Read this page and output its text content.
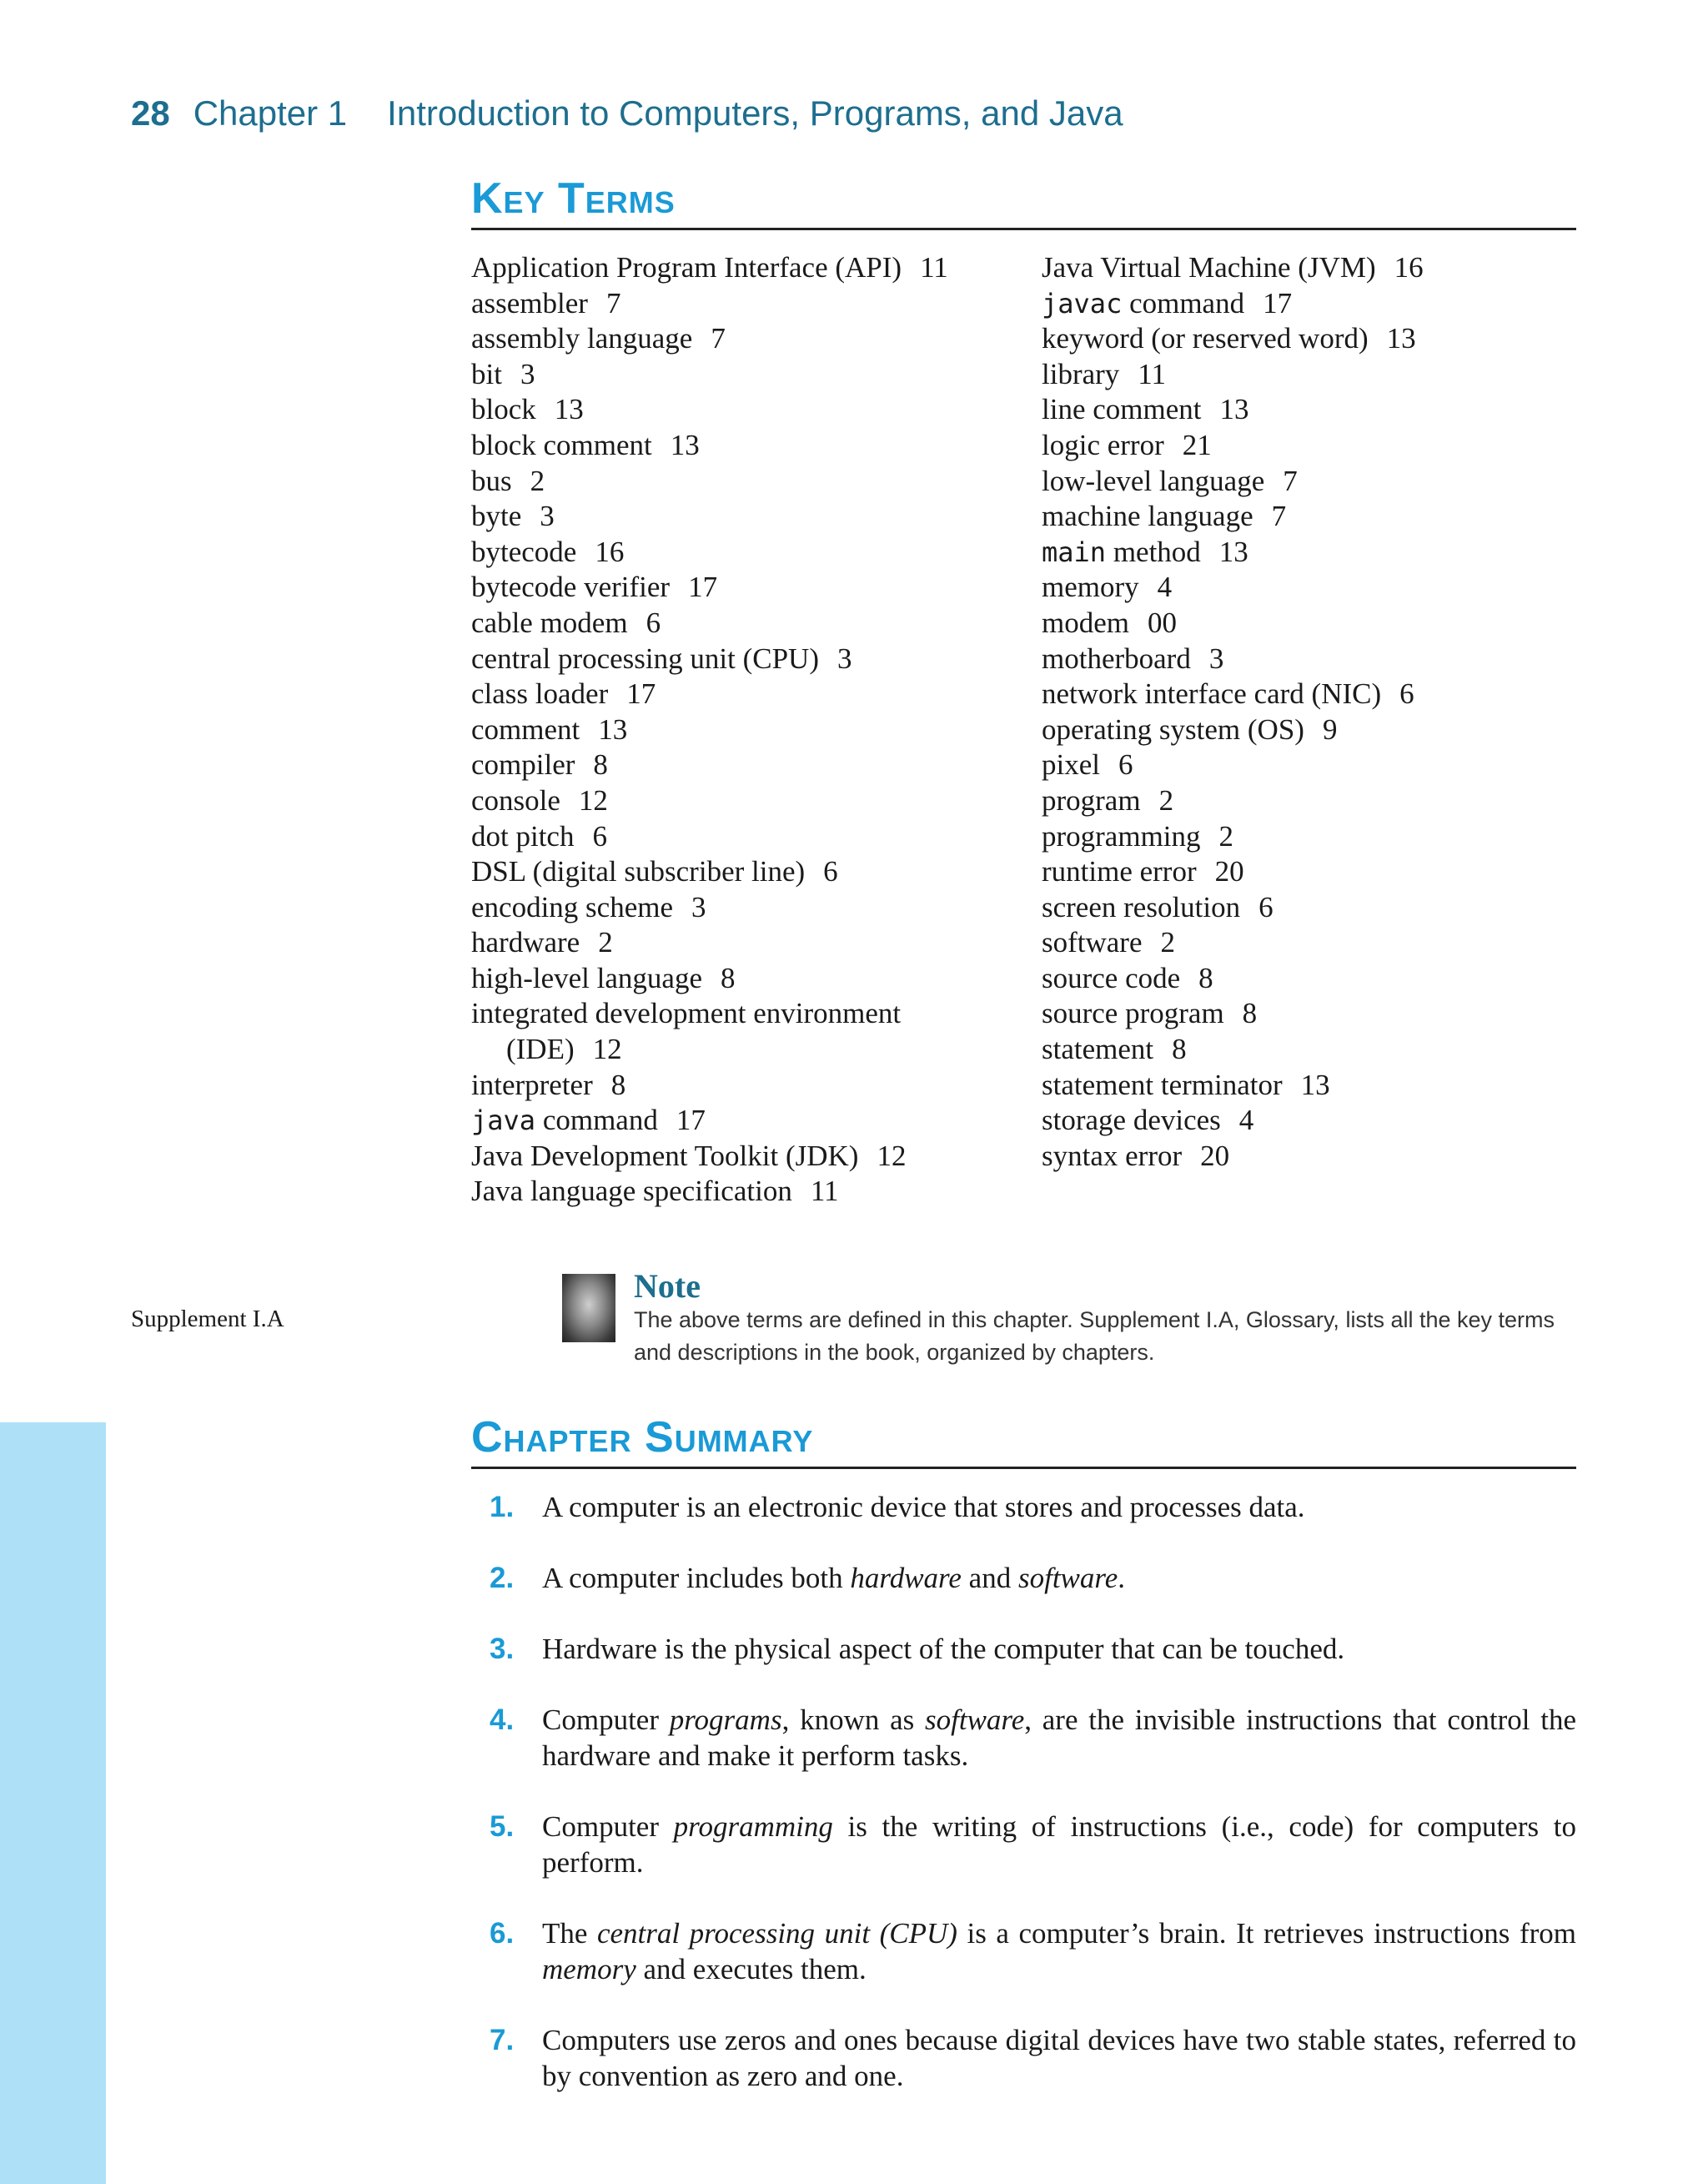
28 Chapter 1 Introduction to Computers, Programs, and Java
Key Terms
Application Program Interface (API) 11
assembler 7
assembly language 7
bit 3
block 13
block comment 13
bus 2
byte 3
bytecode 16
bytecode verifier 17
cable modem 6
central processing unit (CPU) 3
class loader 17
comment 13
compiler 8
console 12
dot pitch 6
DSL (digital subscriber line) 6
encoding scheme 3
hardware 2
high-level language 8
integrated development environment
(IDE) 12
interpreter 8
java command 17
Java Development Toolkit (JDK) 12
Java language specification 11
Java Virtual Machine (JVM) 16
javac command 17
keyword (or reserved word) 13
library 11
line comment 13
logic error 21
low-level language 7
machine language 7
main method 13
memory 4
modem 00
motherboard 3
network interface card (NIC) 6
operating system (OS) 9
pixel 6
program 2
programming 2
runtime error 20
screen resolution 6
software 2
source code 8
source program 8
statement 8
statement terminator 13
storage devices 4
syntax error 20
Supplement I.A
Note
The above terms are defined in this chapter. Supplement I.A, Glossary, lists all the key terms and descriptions in the book, organized by chapters.
Chapter Summary
1. A computer is an electronic device that stores and processes data.
2. A computer includes both hardware and software.
3. Hardware is the physical aspect of the computer that can be touched.
4. Computer programs, known as software, are the invisible instructions that control the hardware and make it perform tasks.
5. Computer programming is the writing of instructions (i.e., code) for computers to perform.
6. The central processing unit (CPU) is a computer’s brain. It retrieves instructions from memory and executes them.
7. Computers use zeros and ones because digital devices have two stable states, referred to by convention as zero and one.
